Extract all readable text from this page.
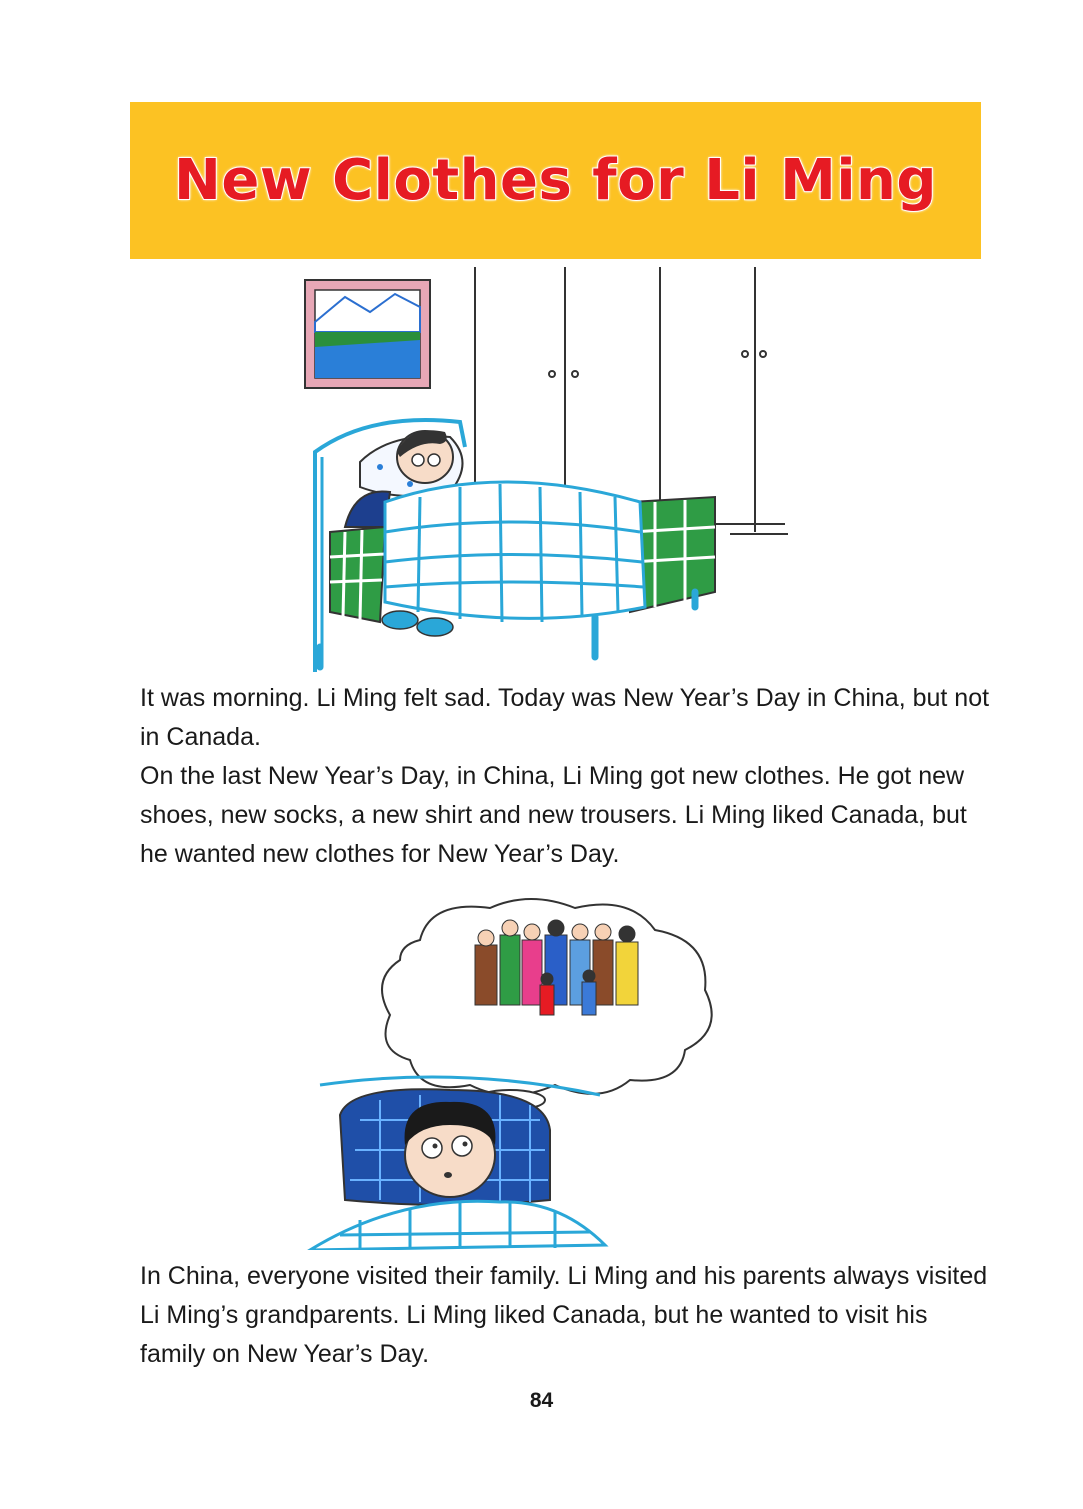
New Clothes for Li Ming

It was morning. Li Ming felt sad. Today was New Year’s Day in China, but not in Canada.
On the last New Year’s Day, in China, Li Ming got new clothes. He got new shoes, new socks, a new shirt and new trousers. Li Ming liked Canada, but he wanted new clothes for New Year’s Day.

In China, everyone visited their family. Li Ming and his parents always visited Li Ming’s grandparents. Li Ming liked Canada, but he wanted to visit his family on New Year’s Day.

84
